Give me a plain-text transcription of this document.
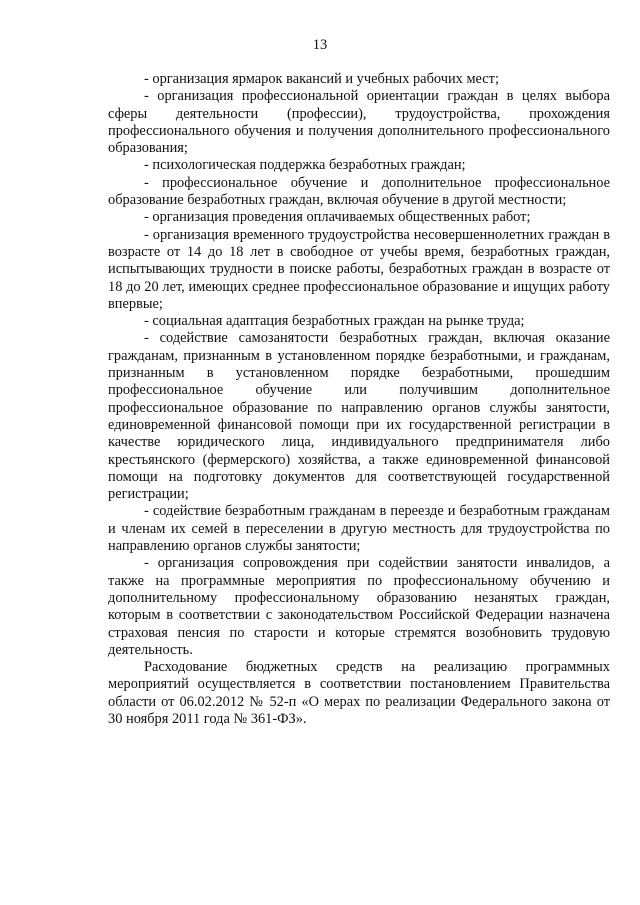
13

- организация ярмарок вакансий и учебных рабочих мест;

- организация профессиональной ориентации граждан в целях выбора сферы деятельности (профессии), трудоустройства, прохождения профессионального обучения и получения дополнительного профессионального образования;

- психологическая поддержка безработных граждан;

- профессиональное обучение и дополнительное профессиональное образование безработных граждан, включая обучение в другой местности;

- организация проведения оплачиваемых общественных работ;

- организация временного трудоустройства несовершеннолетних граждан в возрасте от 14 до 18 лет в свободное от учебы время, безработных граждан, испытывающих трудности в поиске работы, безработных граждан в возрасте от 18 до 20 лет, имеющих среднее профессиональное образование и ищущих работу впервые;

- социальная адаптация безработных граждан на рынке труда;

- содействие самозанятости безработных граждан, включая оказание гражданам, признанным в установленном порядке безработными, и гражданам, признанным в установленном порядке безработными, прошедшим профессиональное обучение или получившим дополнительное профессиональное образование по направлению органов службы занятости, единовременной финансовой помощи при их государственной регистрации в качестве юридического лица, индивидуального предпринимателя либо крестьянского (фермерского) хозяйства, а также единовременной финансовой помощи на подготовку документов для соответствующей государственной регистрации;

- содействие безработным гражданам в переезде и безработным гражданам и членам их семей в переселении в другую местность для трудоустройства по направлению органов службы занятости;

- организация сопровождения при содействии занятости инвалидов, а также на программные мероприятия по профессиональному обучению и дополнительному профессиональному образованию незанятых граждан, которым в соответствии с законодательством Российской Федерации назначена страховая пенсия по старости и которые стремятся возобновить трудовую деятельность.

Расходование бюджетных средств на реализацию программных мероприятий осуществляется в соответствии постановлением Правительства области от 06.02.2012 № 52-п «О мерах по реализации Федерального закона от 30 ноября 2011 года № 361-ФЗ».
